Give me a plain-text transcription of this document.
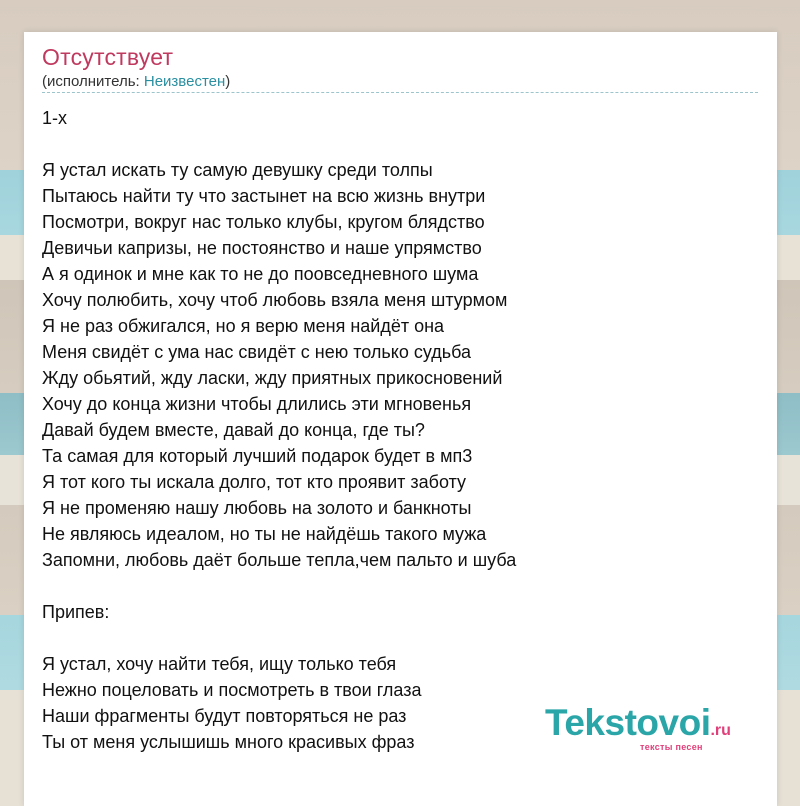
Отсутствует
(исполнитель: Неизвестен)
1-х
Я устал искать ту самую девушку среди толпы
Пытаюсь найти ту что застынет на всю жизнь внутри
Посмотри, вокруг нас только клубы, кругом блядство
Девичьи капризы, не постоянство и наше упрямство
А я одинок и мне как то не до поовседневного шума
Хочу полюбить, хочу чтоб любовь взяла меня штурмом
Я не раз обжигался, но я верю меня найдёт она
Меня свидёт с ума нас свидёт с нею только судьба
Жду обьятий, жду ласки, жду приятных прикосновений
Хочу до конца жизни чтобы длились эти мгновенья
Давай будем вместе, давай до конца, где ты?
Та самая для который лучший подарок будет в мп3
Я тот кого ты искала долго, тот кто проявит заботу
Я не променяю нашу любовь на золото и банкноты
Не являюсь идеалом, но ты не найдёшь такого мужа
Запомни, любовь даёт больше тепла,чем пальто и шуба
Припев:
Я устал, хочу найти тебя, ищу только тебя
Нежно поцеловать и посмотреть в твои глаза
Наши фрагменты будут повторяться не раз
Ты от меня услышишь много красивых фраз	Tekstovoi.ru
тексты песен
